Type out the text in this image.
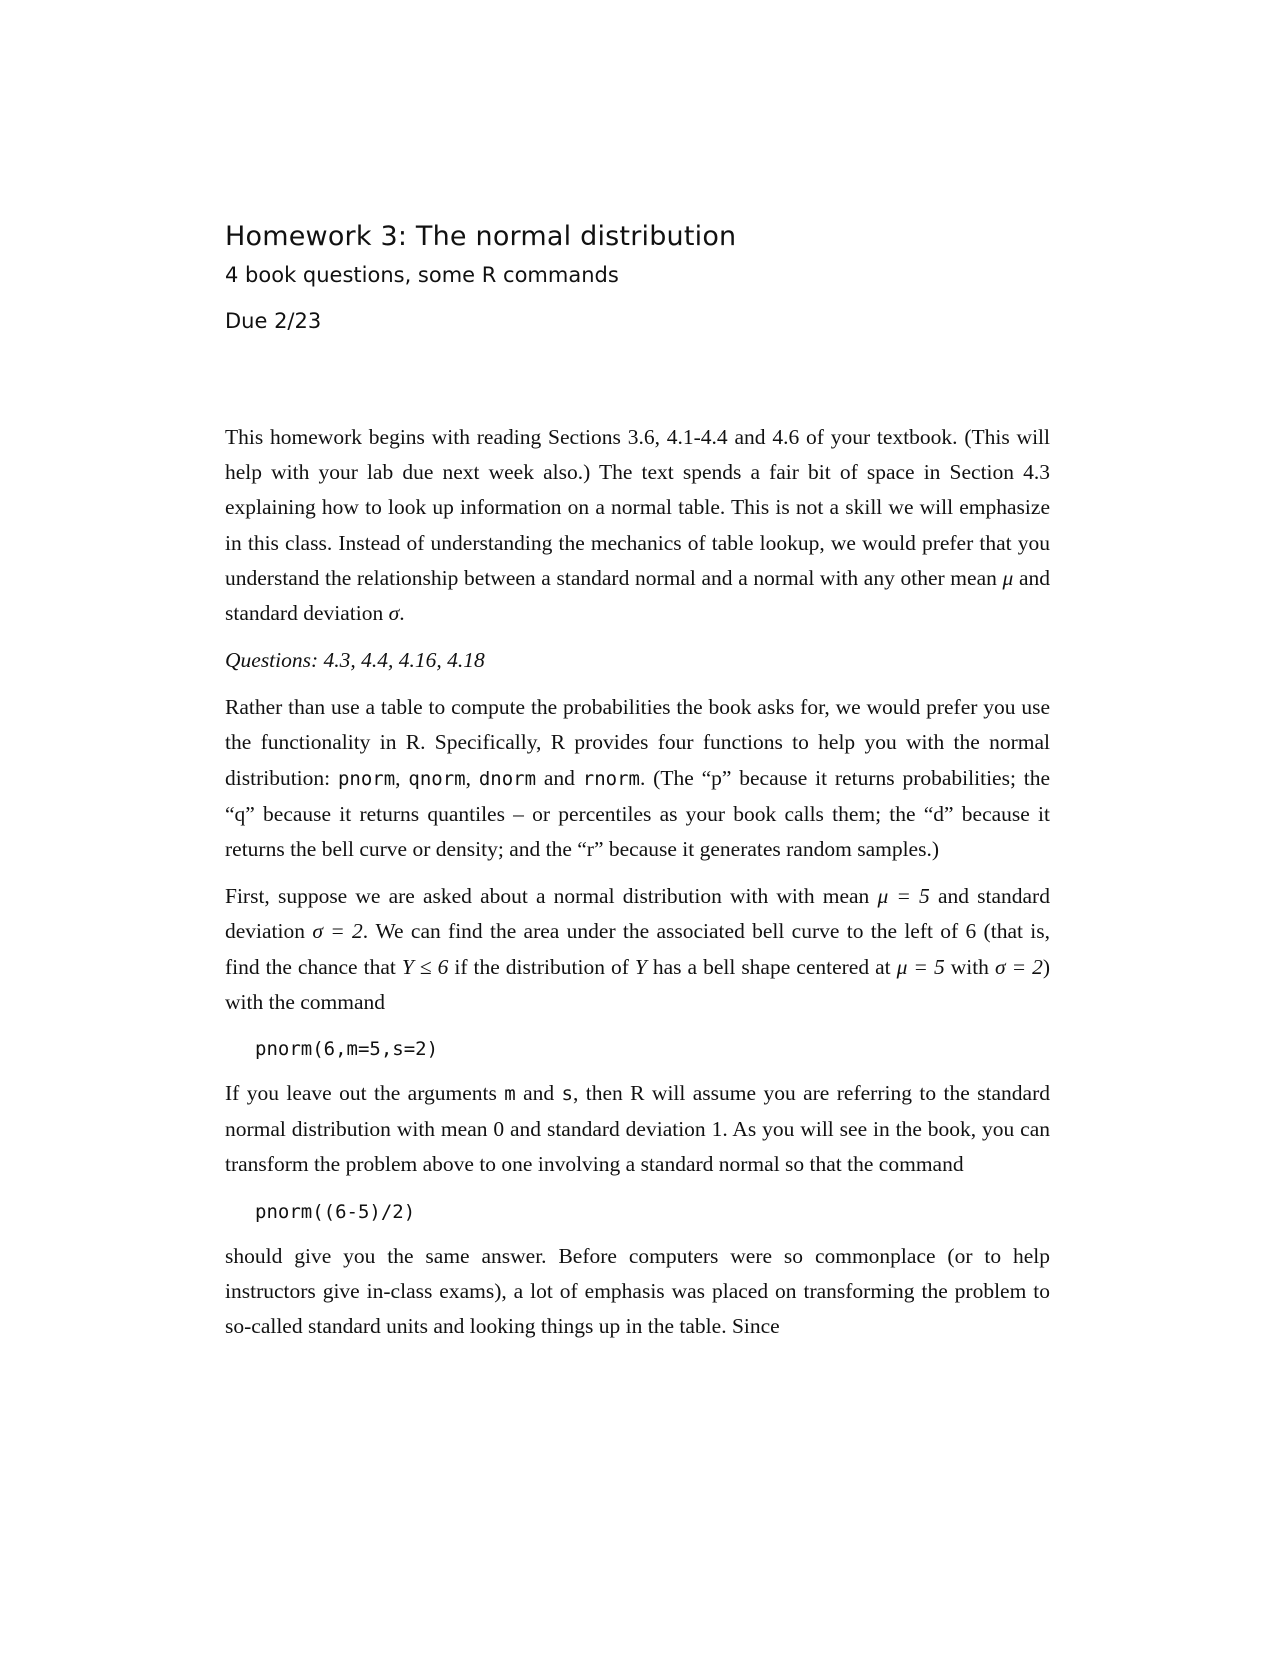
Homework 3: The normal distribution
4 book questions, some R commands
Due 2/23

This homework begins with reading Sections 3.6, 4.1-4.4 and 4.6 of your textbook. (This will help with your lab due next week also.) The text spends a fair bit of space in Section 4.3 explaining how to look up information on a normal table. This is not a skill we will emphasize in this class. Instead of understanding the mechanics of table lookup, we would prefer that you understand the relationship between a standard normal and a normal with any other mean μ and standard deviation σ.

Questions: 4.3, 4.4, 4.16, 4.18

Rather than use a table to compute the probabilities the book asks for, we would prefer you use the functionality in R. Specifically, R provides four functions to help you with the normal distribution: pnorm, qnorm, dnorm and rnorm. (The “p” because it returns probabilities; the “q” because it returns quantiles – or percentiles as your book calls them; the “d” because it returns the bell curve or density; and the “r” because it generates random samples.)

First, suppose we are asked about a normal distribution with with mean μ = 5 and standard deviation σ = 2. We can find the area under the associated bell curve to the left of 6 (that is, find the chance that Y ≤ 6 if the distribution of Y has a bell shape centered at μ = 5 with σ = 2) with the command

pnorm(6,m=5,s=2)

If you leave out the arguments m and s, then R will assume you are referring to the standard normal distribution with mean 0 and standard deviation 1. As you will see in the book, you can transform the problem above to one involving a standard normal so that the command

pnorm((6-5)/2)

should give you the same answer. Before computers were so commonplace (or to help instructors give in-class exams), a lot of emphasis was placed on transforming the problem to so-called standard units and looking things up in the table. Since
